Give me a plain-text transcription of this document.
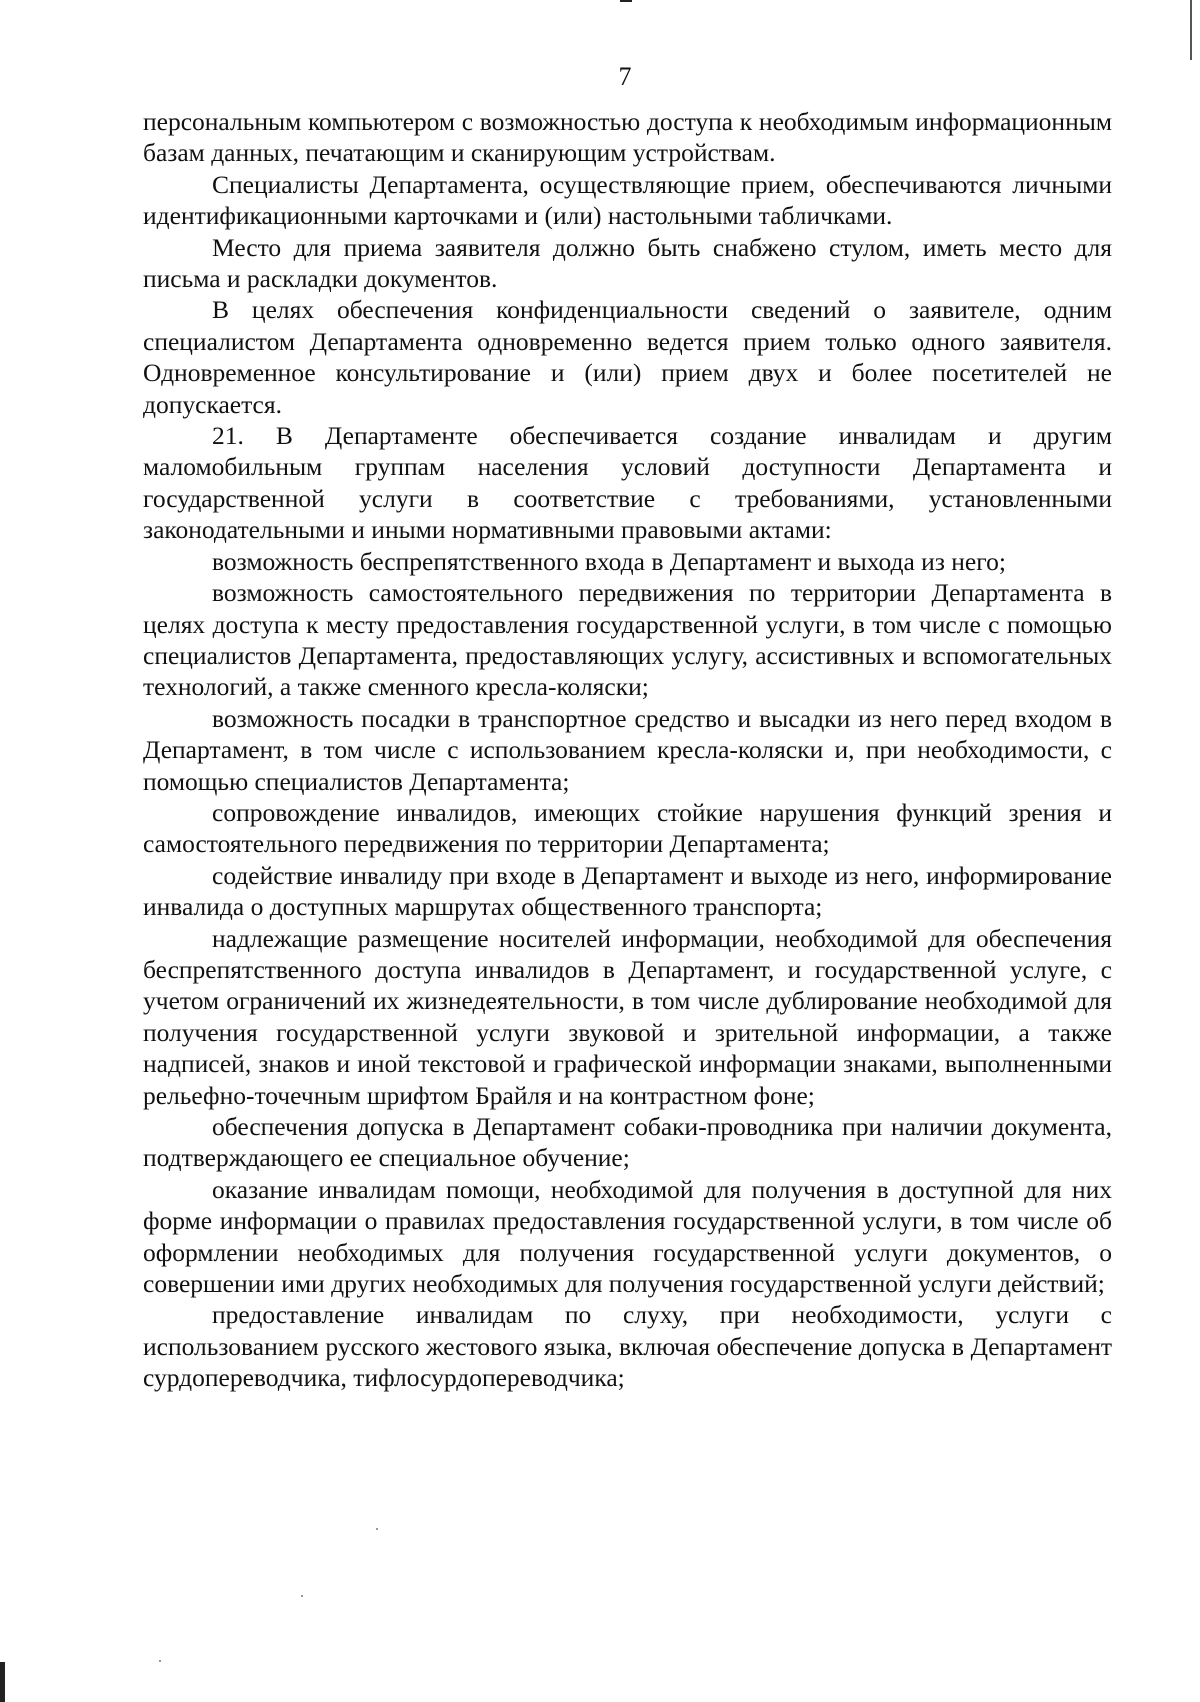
7

персональным компьютером с возможностью доступа к необходимым информационным базам данных, печатающим и сканирующим устройствам.

Специалисты Департамента, осуществляющие прием, обеспечиваются личными идентификационными карточками и (или) настольными табличками.

Место для приема заявителя должно быть снабжено стулом, иметь место для письма и раскладки документов.

В целях обеспечения конфиденциальности сведений о заявителе, одним специалистом Департамента одновременно ведется прием только одного заявителя. Одновременное консультирование и (или) прием двух и более посетителей не допускается.

21. В Департаменте обеспечивается создание инвалидам и другим маломобильным группам населения условий доступности Департамента и государственной услуги в соответствие с требованиями, установленными законодательными и иными нормативными правовыми актами:

возможность беспрепятственного входа в Департамент и выхода из него;

возможность самостоятельного передвижения по территории Департамента в целях доступа к месту предоставления государственной услуги, в том числе с помощью специалистов Департамента, предоставляющих услугу, ассистивных и вспомогательных технологий, а также сменного кресла-коляски;

возможность посадки в транспортное средство и высадки из него перед входом в Департамент, в том числе с использованием кресла-коляски и, при необходимости, с помощью специалистов Департамента;

сопровождение инвалидов, имеющих стойкие нарушения функций зрения и самостоятельного передвижения по территории Департамента;

содействие инвалиду при входе в Департамент и выходе из него, информирование инвалида о доступных маршрутах общественного транспорта;

надлежащие размещение носителей информации, необходимой для обеспечения беспрепятственного доступа инвалидов в Департамент, и государственной услуге, с учетом ограничений их жизнедеятельности, в том числе дублирование необходимой для получения государственной услуги звуковой и зрительной информации, а также надписей, знаков и иной текстовой и графической информации знаками, выполненными рельефно-точечным шрифтом Брайля и на контрастном фоне;

обеспечения допуска в Департамент собаки-проводника при наличии документа, подтверждающего ее специальное обучение;

оказание инвалидам помощи, необходимой для получения в доступной для них форме информации о правилах предоставления государственной услуги, в том числе об оформлении необходимых для получения государственной услуги документов, о совершении ими других необходимых для получения государственной услуги действий;

предоставление инвалидам по слуху, при необходимости, услуги с использованием русского жестового языка, включая обеспечение допуска в Департамент сурдопереводчика, тифлосурдопереводчика;
